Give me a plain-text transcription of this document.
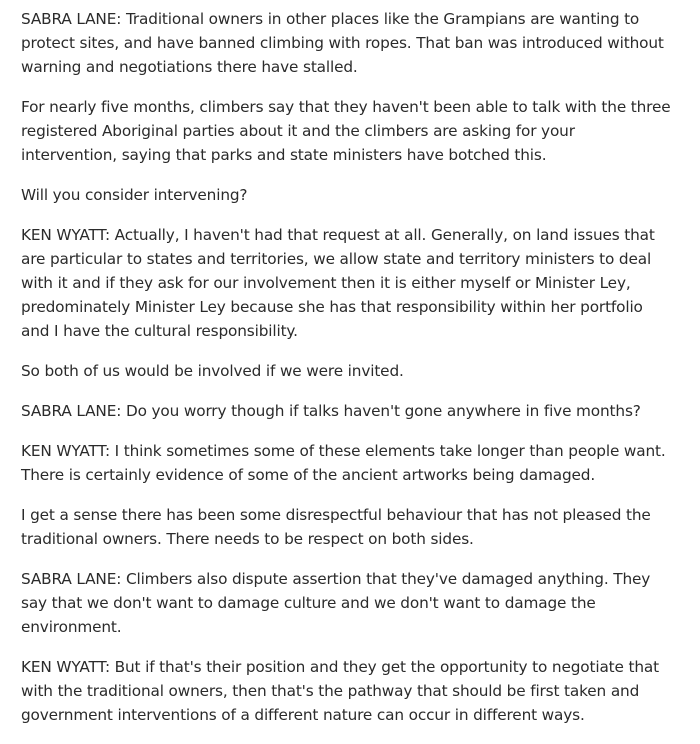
SABRA LANE: Traditional owners in other places like the Grampians are wanting to protect sites, and have banned climbing with ropes. That ban was introduced without warning and negotiations there have stalled.

For nearly five months, climbers say that they haven't been able to talk with the three registered Aboriginal parties about it and the climbers are asking for your intervention, saying that parks and state ministers have botched this.

Will you consider intervening?

KEN WYATT: Actually, I haven't had that request at all. Generally, on land issues that are particular to states and territories, we allow state and territory ministers to deal with it and if they ask for our involvement then it is either myself or Minister Ley, predominately Minister Ley because she has that responsibility within her portfolio and I have the cultural responsibility.

So both of us would be involved if we were invited.

SABRA LANE: Do you worry though if talks haven't gone anywhere in five months?

KEN WYATT: I think sometimes some of these elements take longer than people want. There is certainly evidence of some of the ancient artworks being damaged.

I get a sense there has been some disrespectful behaviour that has not pleased the traditional owners. There needs to be respect on both sides.

SABRA LANE: Climbers also dispute assertion that they've damaged anything. They say that we don't want to damage culture and we don't want to damage the environment.

KEN WYATT: But if that's their position and they get the opportunity to negotiate that with the traditional owners, then that's the pathway that should be first taken and government interventions of a different nature can occur in different ways.
